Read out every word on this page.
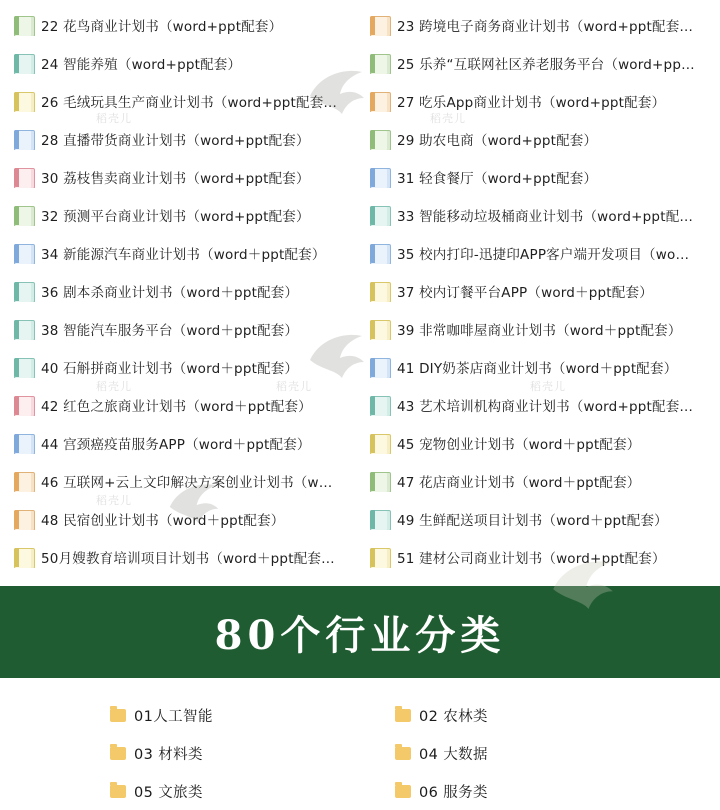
22 花鸟商业计划书（word+ppt配套）	23 跨境电子商务商业计划书（word+ppt配套…
24 智能养殖（word+ppt配套）	25 乐养“互联网社区养老服务平台（word+pp…
26 毛绒玩具生产商业计划书（word+ppt配套…	27 吃乐App商业计划书（word+ppt配套）
28 直播带货商业计划书（word+ppt配套）	29 助农电商（word+ppt配套）
30 荔枝售卖商业计划书（word+ppt配套）	31 轻食餐厅（word+ppt配套）
32 预测平台商业计划书（word+ppt配套）	33 智能移动垃圾桶商业计划书（word+ppt配…
34 新能源汽车商业计划书（word＋ppt配套）	35 校内打印-迅捷印APP客户端开发项目（wo…
36 剧本杀商业计划书（word＋ppt配套）	37 校内订餐平台APP（word＋ppt配套）
38 智能汽车服务平台（word＋ppt配套）	39 非常咖啡屋商业计划书（word＋ppt配套）
40 石斛拼商业计划书（word＋ppt配套）	41 DIY奶茶店商业计划书（word＋ppt配套）
42 红色之旅商业计划书（word＋ppt配套）	43 艺术培训机构商业计划书（word+ppt配套…
44 宫颈癌疫苗服务APP（word＋ppt配套）	45 宠物创业计划书（word＋ppt配套）
46 互联网+云上文印解决方案创业计划书（w…	47 花店商业计划书（word＋ppt配套）
48 民宿创业计划书（word＋ppt配套）	49 生鲜配送项目计划书（word＋ppt配套）
50月嫂教育培训项目计划书（word＋ppt配套…	51 建材公司商业计划书（word+ppt配套）
80个行业分类
01人工智能	02 农林类
03 材料类	04 大数据
05 文旅类	06 服务类
稻壳儿	稻壳儿
稻壳儿	稻壳儿	稻壳儿
稻壳儿
